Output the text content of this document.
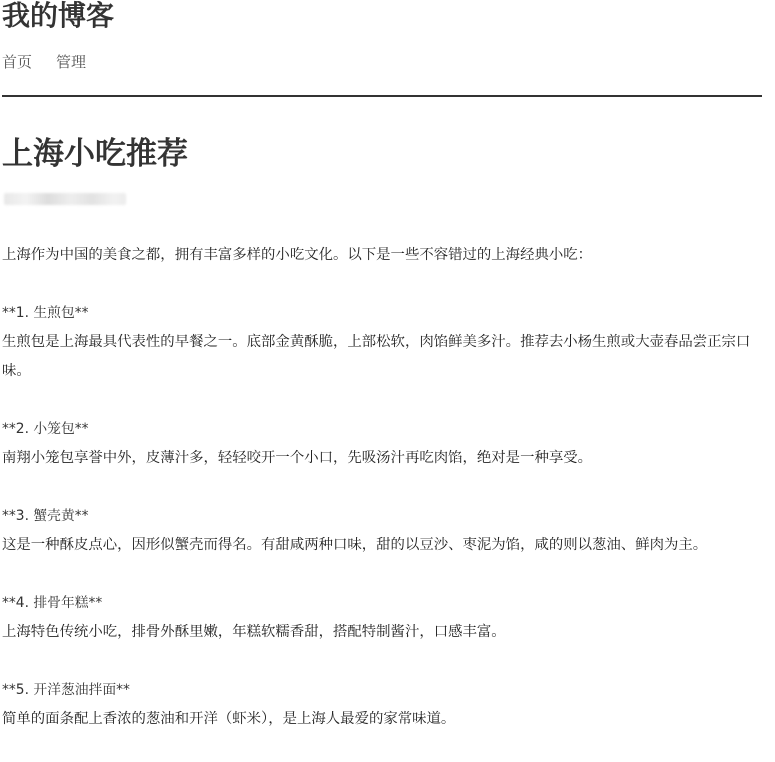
我的博客
首页 管理
上海小吃推荐

上海作为中国的美食之都，拥有丰富多样的小吃文化。以下是一些不容错过的上海经典小吃：

**1. 生煎包**

生煎包是上海最具代表性的早餐之一。底部金黄酥脆，上部松软，肉馅鲜美多汁。推荐去小杨生煎或大壶春品尝正宗口味。

**2. 小笼包**

南翔小笼包享誉中外，皮薄汁多，轻轻咬开一个小口，先吸汤汁再吃肉馅，绝对是一种享受。

**3. 蟹壳黄**

这是一种酥皮点心，因形似蟹壳而得名。有甜咸两种口味，甜的以豆沙、枣泥为馅，咸的则以葱油、鲜肉为主。

**4. 排骨年糕**

上海特色传统小吃，排骨外酥里嫩，年糕软糯香甜，搭配特制酱汁，口感丰富。

**5. 开洋葱油拌面**

简单的面条配上香浓的葱油和开洋（虾米），是上海人最爱的家常味道。
